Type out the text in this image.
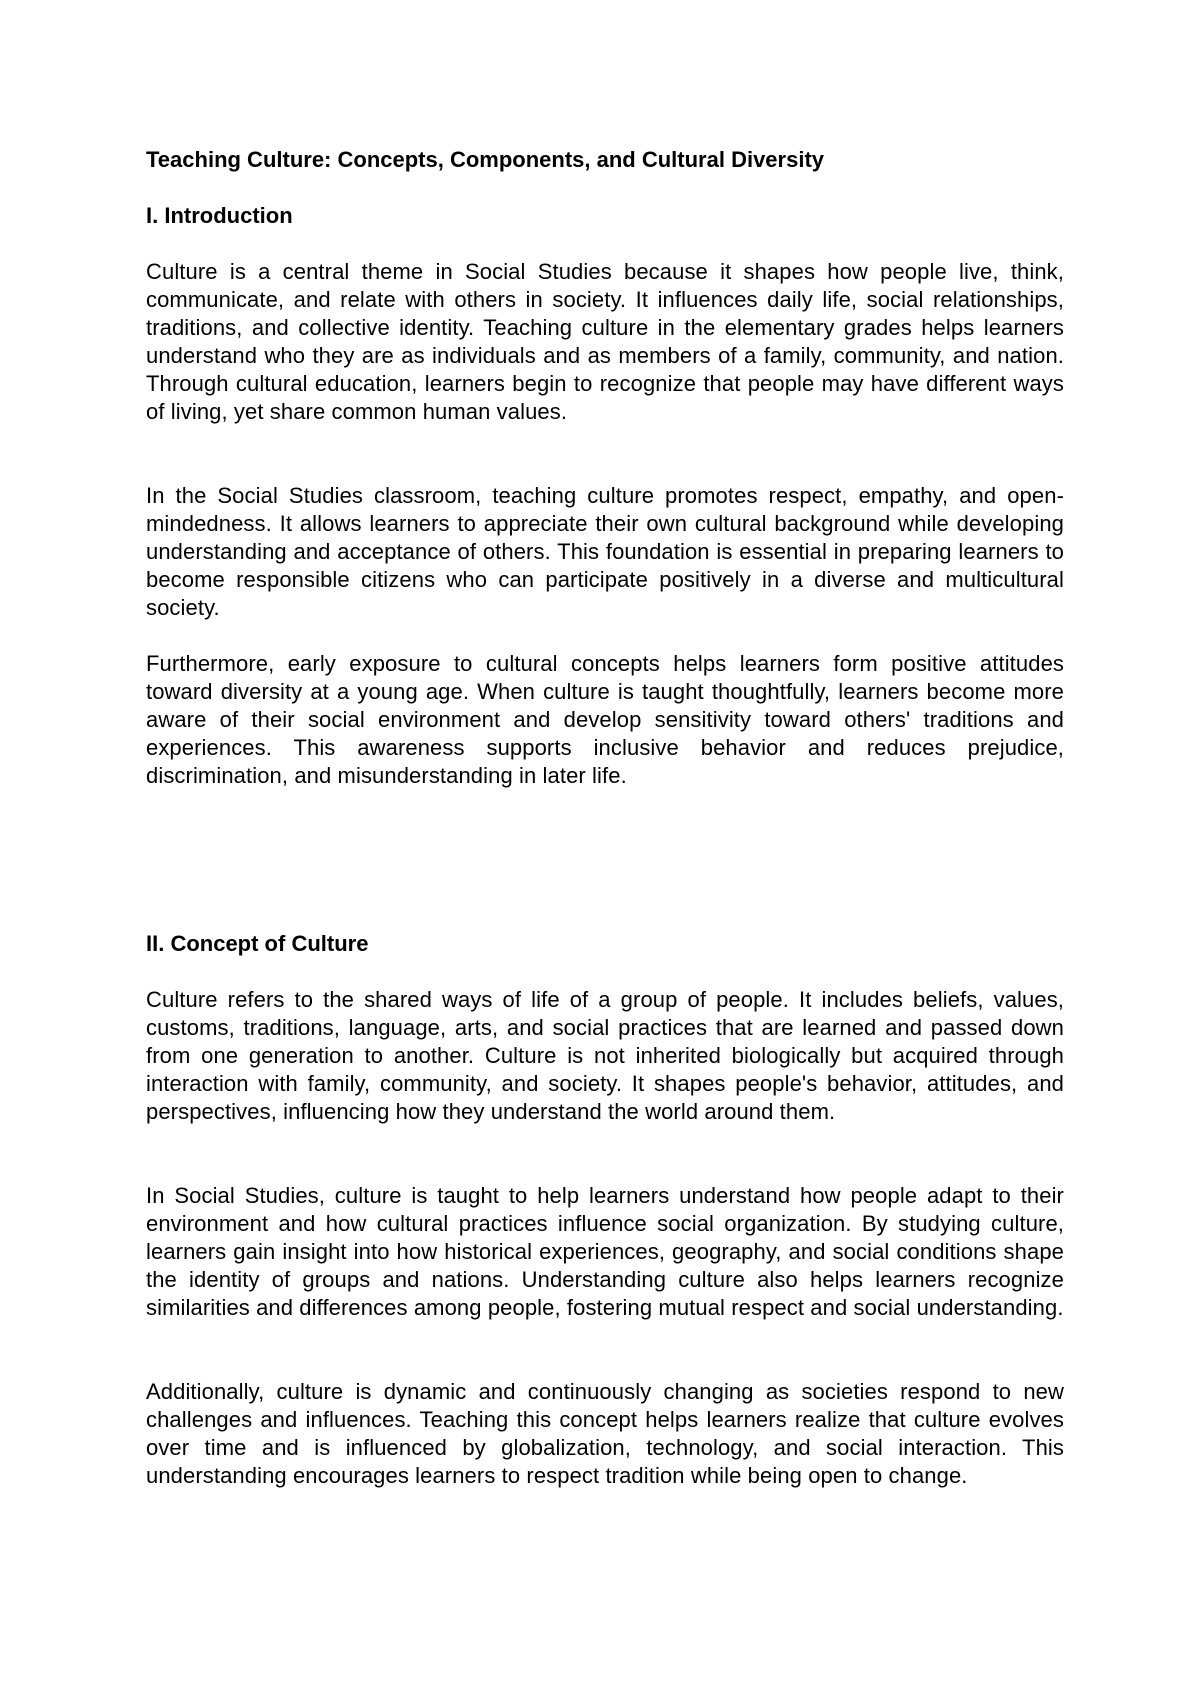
Teaching Culture: Concepts, Components, and Cultural Diversity
I. Introduction

Culture is a central theme in Social Studies because it shapes how people live, think, communicate, and relate with others in society. It influences daily life, social relationships, traditions, and collective identity. Teaching culture in the elementary grades helps learners understand who they are as individuals and as members of a family, community, and nation. Through cultural education, learners begin to recognize that people may have different ways of living, yet share common human values.

In the Social Studies classroom, teaching culture promotes respect, empathy, and open-mindedness. It allows learners to appreciate their own cultural background while developing understanding and acceptance of others. This foundation is essential in preparing learners to become responsible citizens who can participate positively in a diverse and multicultural society.

Furthermore, early exposure to cultural concepts helps learners form positive attitudes toward diversity at a young age. When culture is taught thoughtfully, learners become more aware of their social environment and develop sensitivity toward others' traditions and experiences. This awareness supports inclusive behavior and reduces prejudice, discrimination, and misunderstanding in later life.

II. Concept of Culture

Culture refers to the shared ways of life of a group of people. It includes beliefs, values, customs, traditions, language, arts, and social practices that are learned and passed down from one generation to another. Culture is not inherited biologically but acquired through interaction with family, community, and society. It shapes people's behavior, attitudes, and perspectives, influencing how they understand the world around them.

In Social Studies, culture is taught to help learners understand how people adapt to their environment and how cultural practices influence social organization. By studying culture, learners gain insight into how historical experiences, geography, and social conditions shape the identity of groups and nations. Understanding culture also helps learners recognize similarities and differences among people, fostering mutual respect and social understanding.

Additionally, culture is dynamic and continuously changing as societies respond to new challenges and influences. Teaching this concept helps learners realize that culture evolves over time and is influenced by globalization, technology, and social interaction. This understanding encourages learners to respect tradition while being open to change.
